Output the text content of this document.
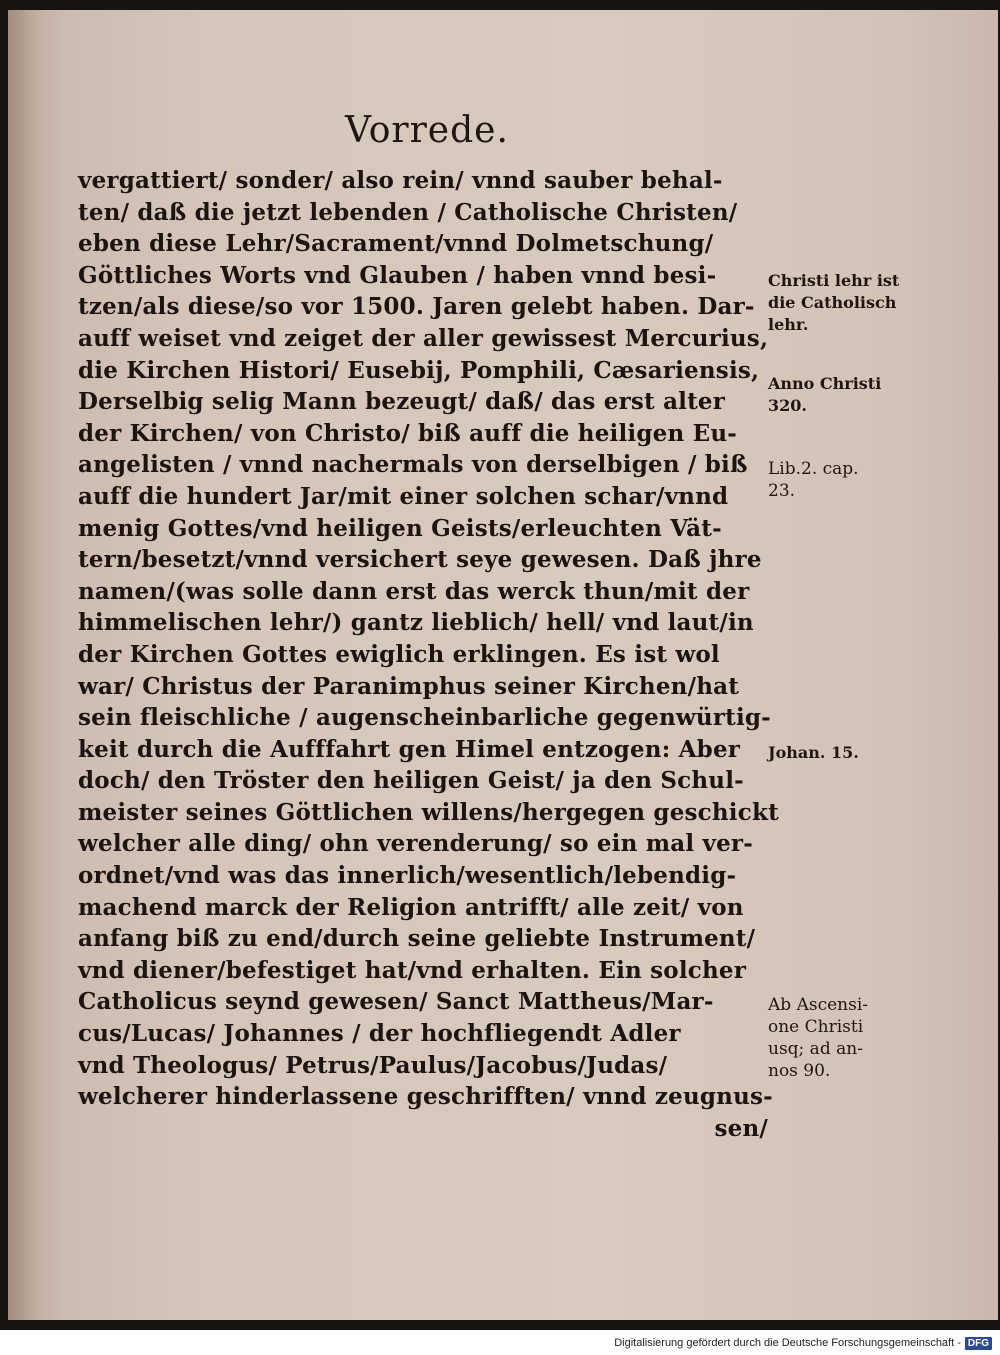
Vorrede.
vergattiert/ sonder/ also rein/ vnnd sauber behal-
ten/ daß die jetzt lebenden / Catholische Christen/
eben diese Lehr/Sacrament/vnnd Dolmetschung/
Göttliches Worts vnd Glauben / haben vnnd besi-
tzen/als diese/so vor 1500. Jaren gelebt haben. Dar-
auff weiset vnd zeiget der aller gewissest Mercurius,
die Kirchen Histori/ Eusebij, Pomphili, Cæsariensis,
Derselbig selig Mann bezeugt/ daß/ das erst alter
der Kirchen/ von Christo/ biß auff die heiligen Eu-
angelisten / vnnd nachermals von derselbigen / biß
auff die hundert Jar/mit einer solchen schar/vnnd
menig Gottes/vnd heiligen Geists/erleuchten Vät-
tern/besetzt/vnnd versichert seye gewesen. Daß jhre
namen/(was solle dann erst das werck thun/mit der
himmelischen lehr/) gantz lieblich/ hell/ vnd laut/in
der Kirchen Gottes ewiglich erklingen. Es ist wol
war/ Christus der Paranimphus seiner Kirchen/hat
sein fleischliche / augenscheinbarliche gegenwürtig-
keit durch die Aufffahrt gen Himel entzogen: Aber
doch/ den Tröster den heiligen Geist/ ja den Schul-
meister seines Göttlichen willens/hergegen geschickt
welcher alle ding/ ohn verenderung/ so ein mal ver-
ordnet/vnd was das innerlich/wesentlich/lebendig-
machend marck der Religion antrifft/ alle zeit/ von
anfang biß zu end/durch seine geliebte Instrument/
vnd diener/befestiget hat/vnd erhalten. Ein solcher
Catholicus seynd gewesen/ Sanct Mattheus/Mar-
cus/Lucas/ Johannes / der hochfliegendt Adler
vnd Theologus/ Petrus/Paulus/Jacobus/Judas/
welcherer hinderlassene geschrifften/ vnnd zeugnus-
sen/
Christi lehr ist
die Catholisch
lehr.
Anno Christi
320.
Lib.2. cap.
23.
Johan. 15.
Ab Ascensi-
one Christi
usq; ad an-
nos 90.
Digitalisierung gefördert durch die Deutsche Forschungsgemeinschaft - DFG
